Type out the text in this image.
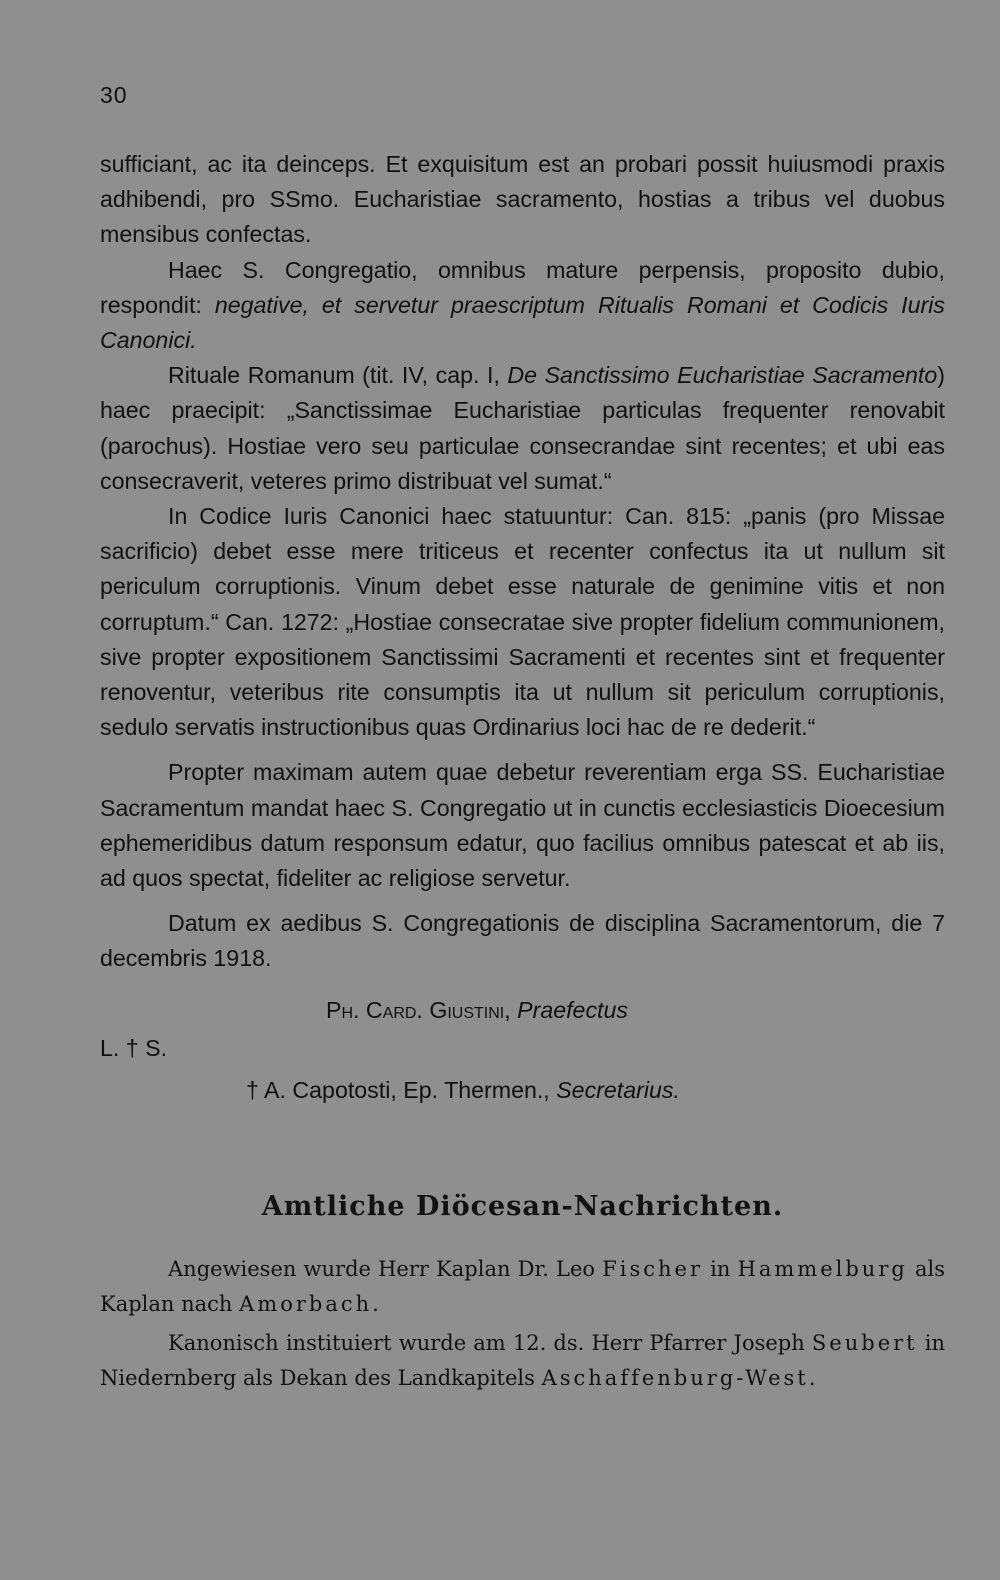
30

sufficiant, ac ita deinceps. Et exquisitum est an probari possit huiusmodi praxis adhibendi, pro SSmo. Eucharistiae sacramento, hostias a tribus vel duobus mensibus confectas.

Haec S. Congregatio, omnibus mature perpensis, proposito dubio, respondit: negative, et servetur praescriptum Ritualis Romani et Codicis Iuris Canonici.

Rituale Romanum (tit. IV, cap. I, De Sanctissimo Eucharistiae Sacramento) haec praecipit: „Sanctissimae Eucharistiae particulas frequenter renovabit (parochus). Hostiae vero seu particulae consecrandae sint recentes; et ubi eas consecraverit, veteres primo distribuat vel sumat.“

In Codice Iuris Canonici haec statuuntur: Can. 815: „panis (pro Missae sacrificio) debet esse mere triticeus et recenter confectus ita ut nullum sit periculum corruptionis. Vinum debet esse naturale de genimine vitis et non corruptum.“ Can. 1272: „Hostiae consecratae sive propter fidelium communionem, sive propter expositionem Sanctissimi Sacramenti et recentes sint et frequenter renoventur, veteribus rite consumptis ita ut nullum sit periculum corruptionis, sedulo servatis instructionibus quas Ordinarius loci hac de re dederit.“

Propter maximam autem quae debetur reverentiam erga SS. Eucharistiae Sacramentum mandat haec S. Congregatio ut in cunctis ecclesiasticis Dioecesium ephemeridibus datum responsum edatur, quo facilius omnibus patescat et ab iis, ad quos spectat, fideliter ac religiose servetur.

Datum ex aedibus S. Congregationis de disciplina Sacramentorum, die 7 decembris 1918.

Ph. Card. Giustini, Praefectus
L. † S.
† A. Capotosti, Ep. Thermen., Secretarius.
Amtliche Diöcesan-Nachrichten.

Angewiesen wurde Herr Kaplan Dr. Leo Fischer in Hammelburg als Kaplan nach Amorbach.

Kanonisch instituiert wurde am 12. ds. Herr Pfarrer Joseph Seubert in Niedernberg als Dekan des Landkapitels Aschaffenburg-West.
